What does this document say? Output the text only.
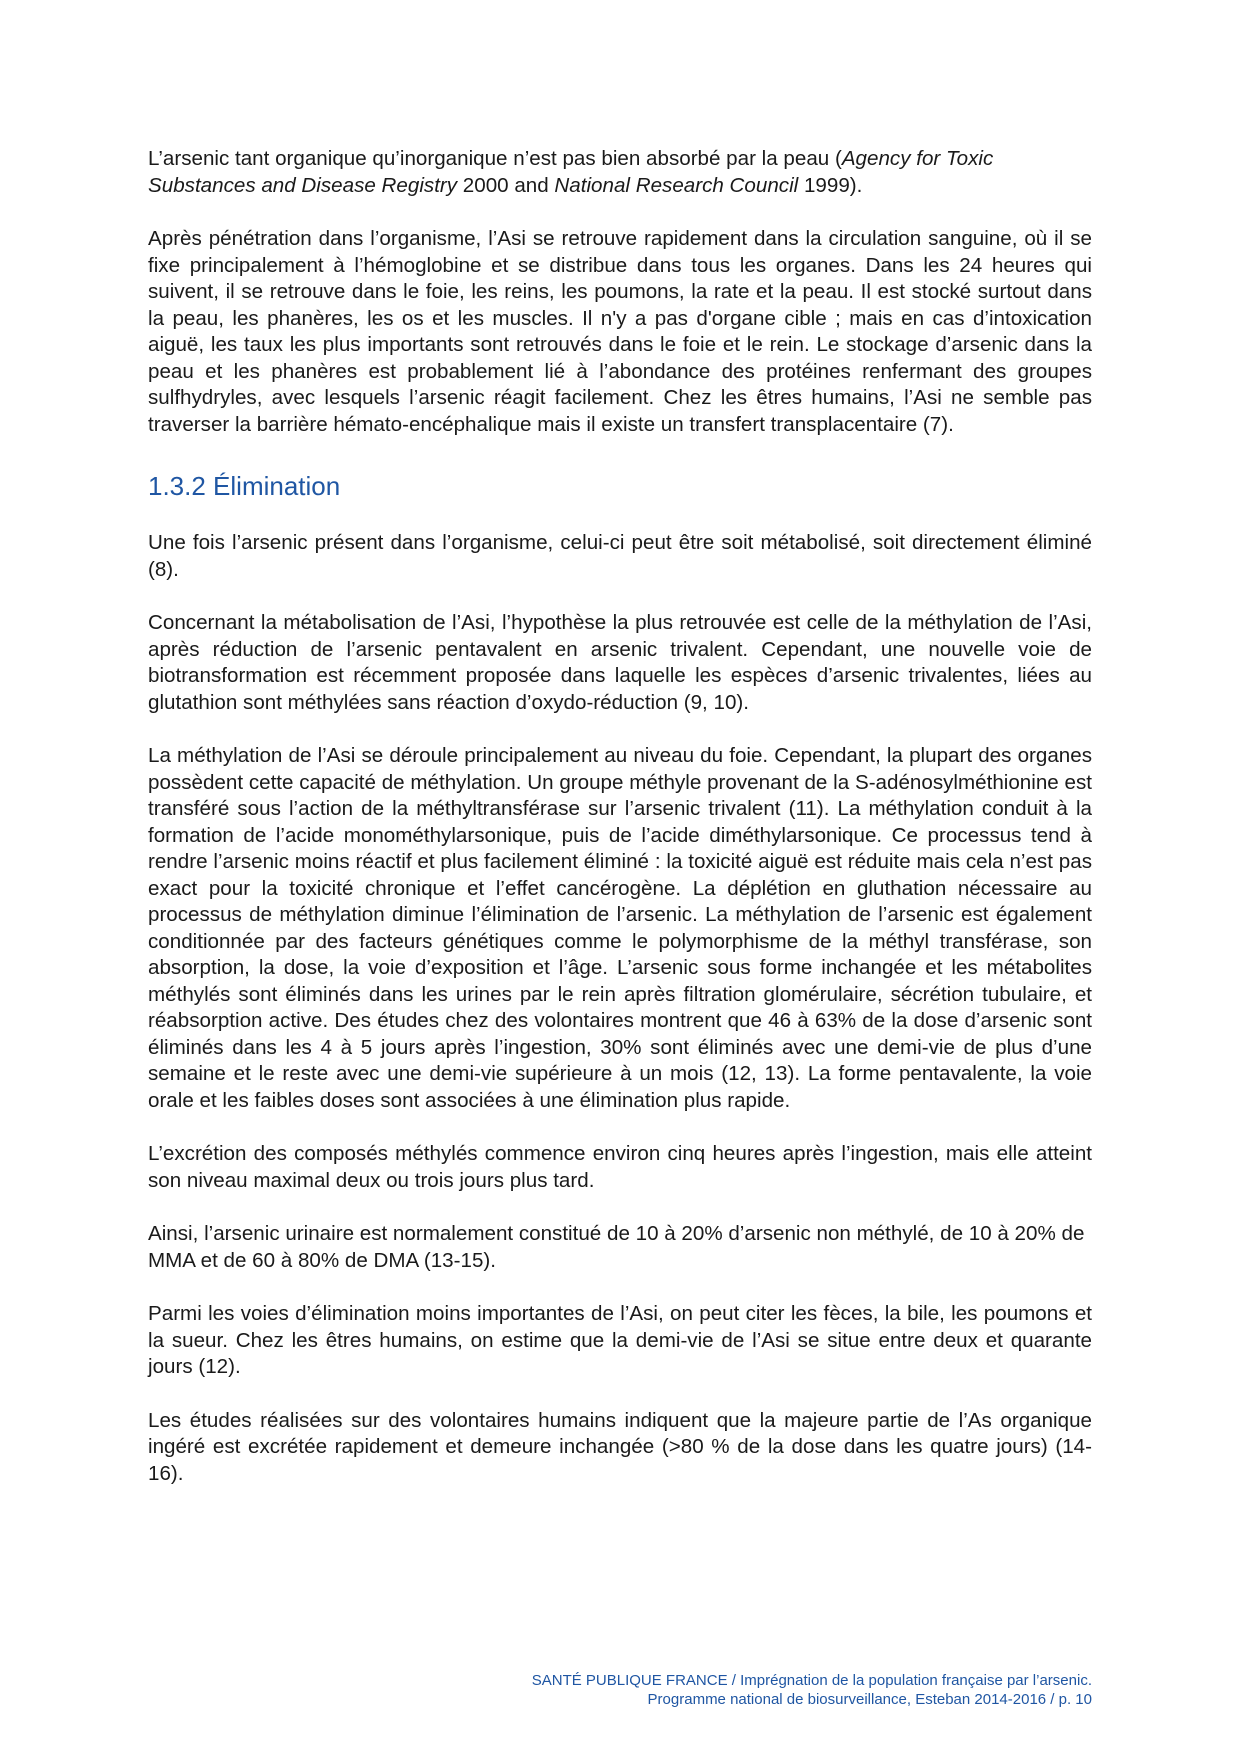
L’arsenic tant organique qu’inorganique n’est pas bien absorbé par la peau (Agency for Toxic Substances and Disease Registry 2000 and National Research Council 1999).

Après pénétration dans l’organisme, l’Asi se retrouve rapidement dans la circulation sanguine, où il se fixe principalement à l’hémoglobine et se distribue dans tous les organes. Dans les 24 heures qui suivent, il se retrouve dans le foie, les reins, les poumons, la rate et la peau. Il est stocké surtout dans la peau, les phanères, les os et les muscles. Il n'y a pas d'organe cible ; mais en cas d’intoxication aiguë, les taux les plus importants sont retrouvés dans le foie et le rein. Le stockage d’arsenic dans la peau et les phanères est probablement lié à l’abondance des protéines renfermant des groupes sulfhydryles, avec lesquels l’arsenic réagit facilement. Chez les êtres humains, l’Asi ne semble pas traverser la barrière hémato-encéphalique mais il existe un transfert transplacentaire (7).

1.3.2 Élimination

Une fois l’arsenic présent dans l’organisme, celui-ci peut être soit métabolisé, soit directement éliminé (8).

Concernant la métabolisation de l’Asi, l’hypothèse la plus retrouvée est celle de la méthylation de l’Asi, après réduction de l’arsenic pentavalent en arsenic trivalent. Cependant, une nouvelle voie de biotransformation est récemment proposée dans laquelle les espèces d’arsenic trivalentes, liées au glutathion sont méthylées sans réaction d’oxydo-réduction (9, 10).

La méthylation de l’Asi se déroule principalement au niveau du foie. Cependant, la plupart des organes possèdent cette capacité de méthylation. Un groupe méthyle provenant de la S-adénosylméthionine est transféré sous l’action de la méthyltransférase sur l’arsenic trivalent (11). La méthylation conduit à la formation de l’acide monométhylarsonique, puis de l’acide diméthylarsonique. Ce processus tend à rendre l’arsenic moins réactif et plus facilement éliminé : la toxicité aiguë est réduite mais cela n’est pas exact pour la toxicité chronique et l’effet cancérogène. La déplétion en gluthation nécessaire au processus de méthylation diminue l’élimination de l’arsenic. La méthylation de l’arsenic est également conditionnée par des facteurs génétiques comme le polymorphisme de la méthyl transférase, son absorption, la dose, la voie d’exposition et l’âge. L’arsenic sous forme inchangée et les métabolites méthylés sont éliminés dans les urines par le rein après filtration glomérulaire, sécrétion tubulaire, et réabsorption active. Des études chez des volontaires montrent que 46 à 63% de la dose d’arsenic sont éliminés dans les 4 à 5 jours après l’ingestion, 30% sont éliminés avec une demi-vie de plus d’une semaine et le reste avec une demi-vie supérieure à un mois (12, 13). La forme pentavalente, la voie orale et les faibles doses sont associées à une élimination plus rapide.

L’excrétion des composés méthylés commence environ cinq heures après l’ingestion, mais elle atteint son niveau maximal deux ou trois jours plus tard.

Ainsi, l’arsenic urinaire est normalement constitué de 10 à 20% d’arsenic non méthylé, de 10 à 20% de MMA et de 60 à 80% de DMA (13-15).

Parmi les voies d’élimination moins importantes de l’Asi, on peut citer les fèces, la bile, les poumons et la sueur. Chez les êtres humains, on estime que la demi-vie de l’Asi se situe entre deux et quarante jours (12).

Les études réalisées sur des volontaires humains indiquent que la majeure partie de l’As organique ingéré est excrétée rapidement et demeure inchangée (>80 % de la dose dans les quatre jours) (14-16).

SANTÉ PUBLIQUE FRANCE / Imprégnation de la population française par l’arsenic.
Programme national de biosurveillance, Esteban 2014-2016 / p. 10
